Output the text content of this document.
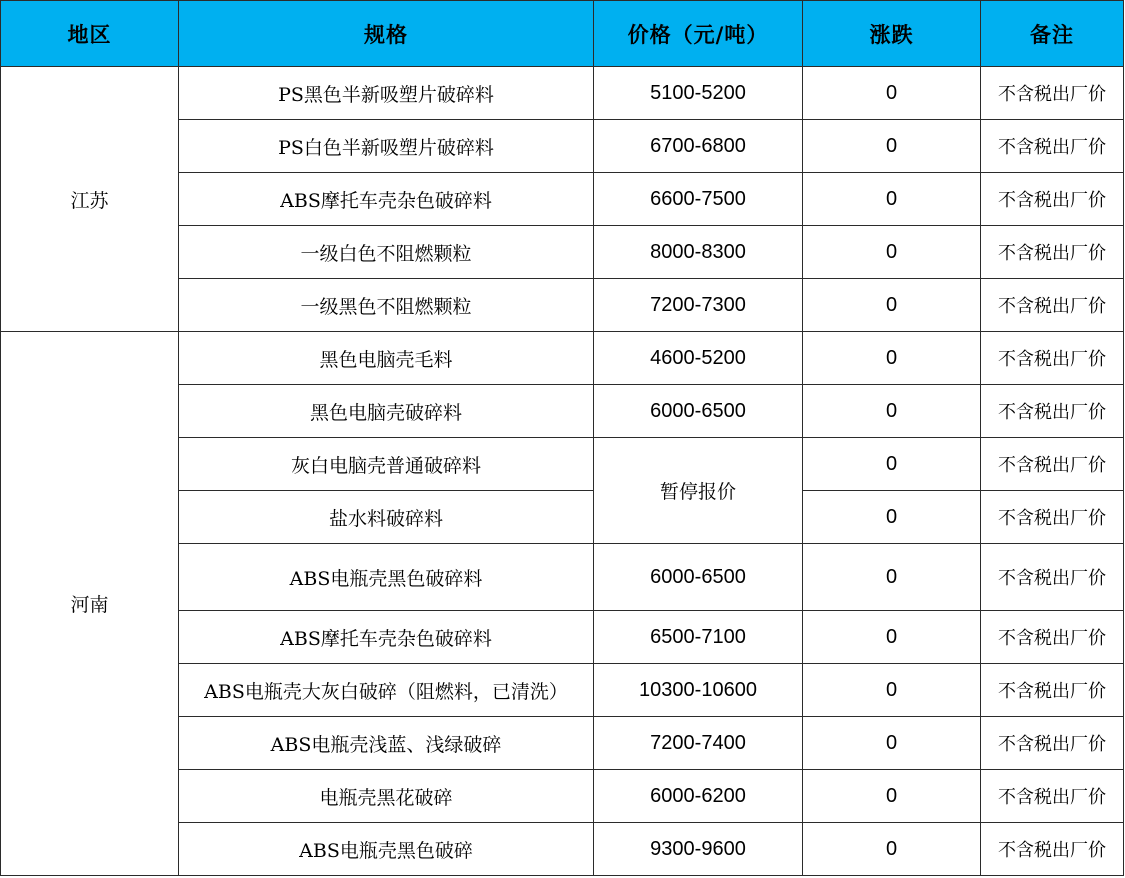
地区	规格	价格（元/吨）	涨跌	备注
江苏	PS黑色半新吸塑片破碎料	5100-5200	0	不含税出厂价
	PS白色半新吸塑片破碎料	6700-6800	0	不含税出厂价
	ABS摩托车壳杂色破碎料	6600-7500	0	不含税出厂价
	一级白色不阻燃颗粒	8000-8300	0	不含税出厂价
	一级黑色不阻燃颗粒	7200-7300	0	不含税出厂价
河南	黑色电脑壳毛料	4600-5200	0	不含税出厂价
	黑色电脑壳破碎料	6000-6500	0	不含税出厂价
	灰白电脑壳普通破碎料	暂停报价	0	不含税出厂价
	盐水料破碎料		0	不含税出厂价
	ABS电瓶壳黑色破碎料	6000-6500	0	不含税出厂价
	ABS摩托车壳杂色破碎料	6500-7100	0	不含税出厂价
	ABS电瓶壳大灰白破碎（阻燃料，已清洗）	10300-10600	0	不含税出厂价
	ABS电瓶壳浅蓝、浅绿破碎	7200-7400	0	不含税出厂价
	电瓶壳黑花破碎	6000-6200	0	不含税出厂价
	ABS电瓶壳黑色破碎	9300-9600	0	不含税出厂价
